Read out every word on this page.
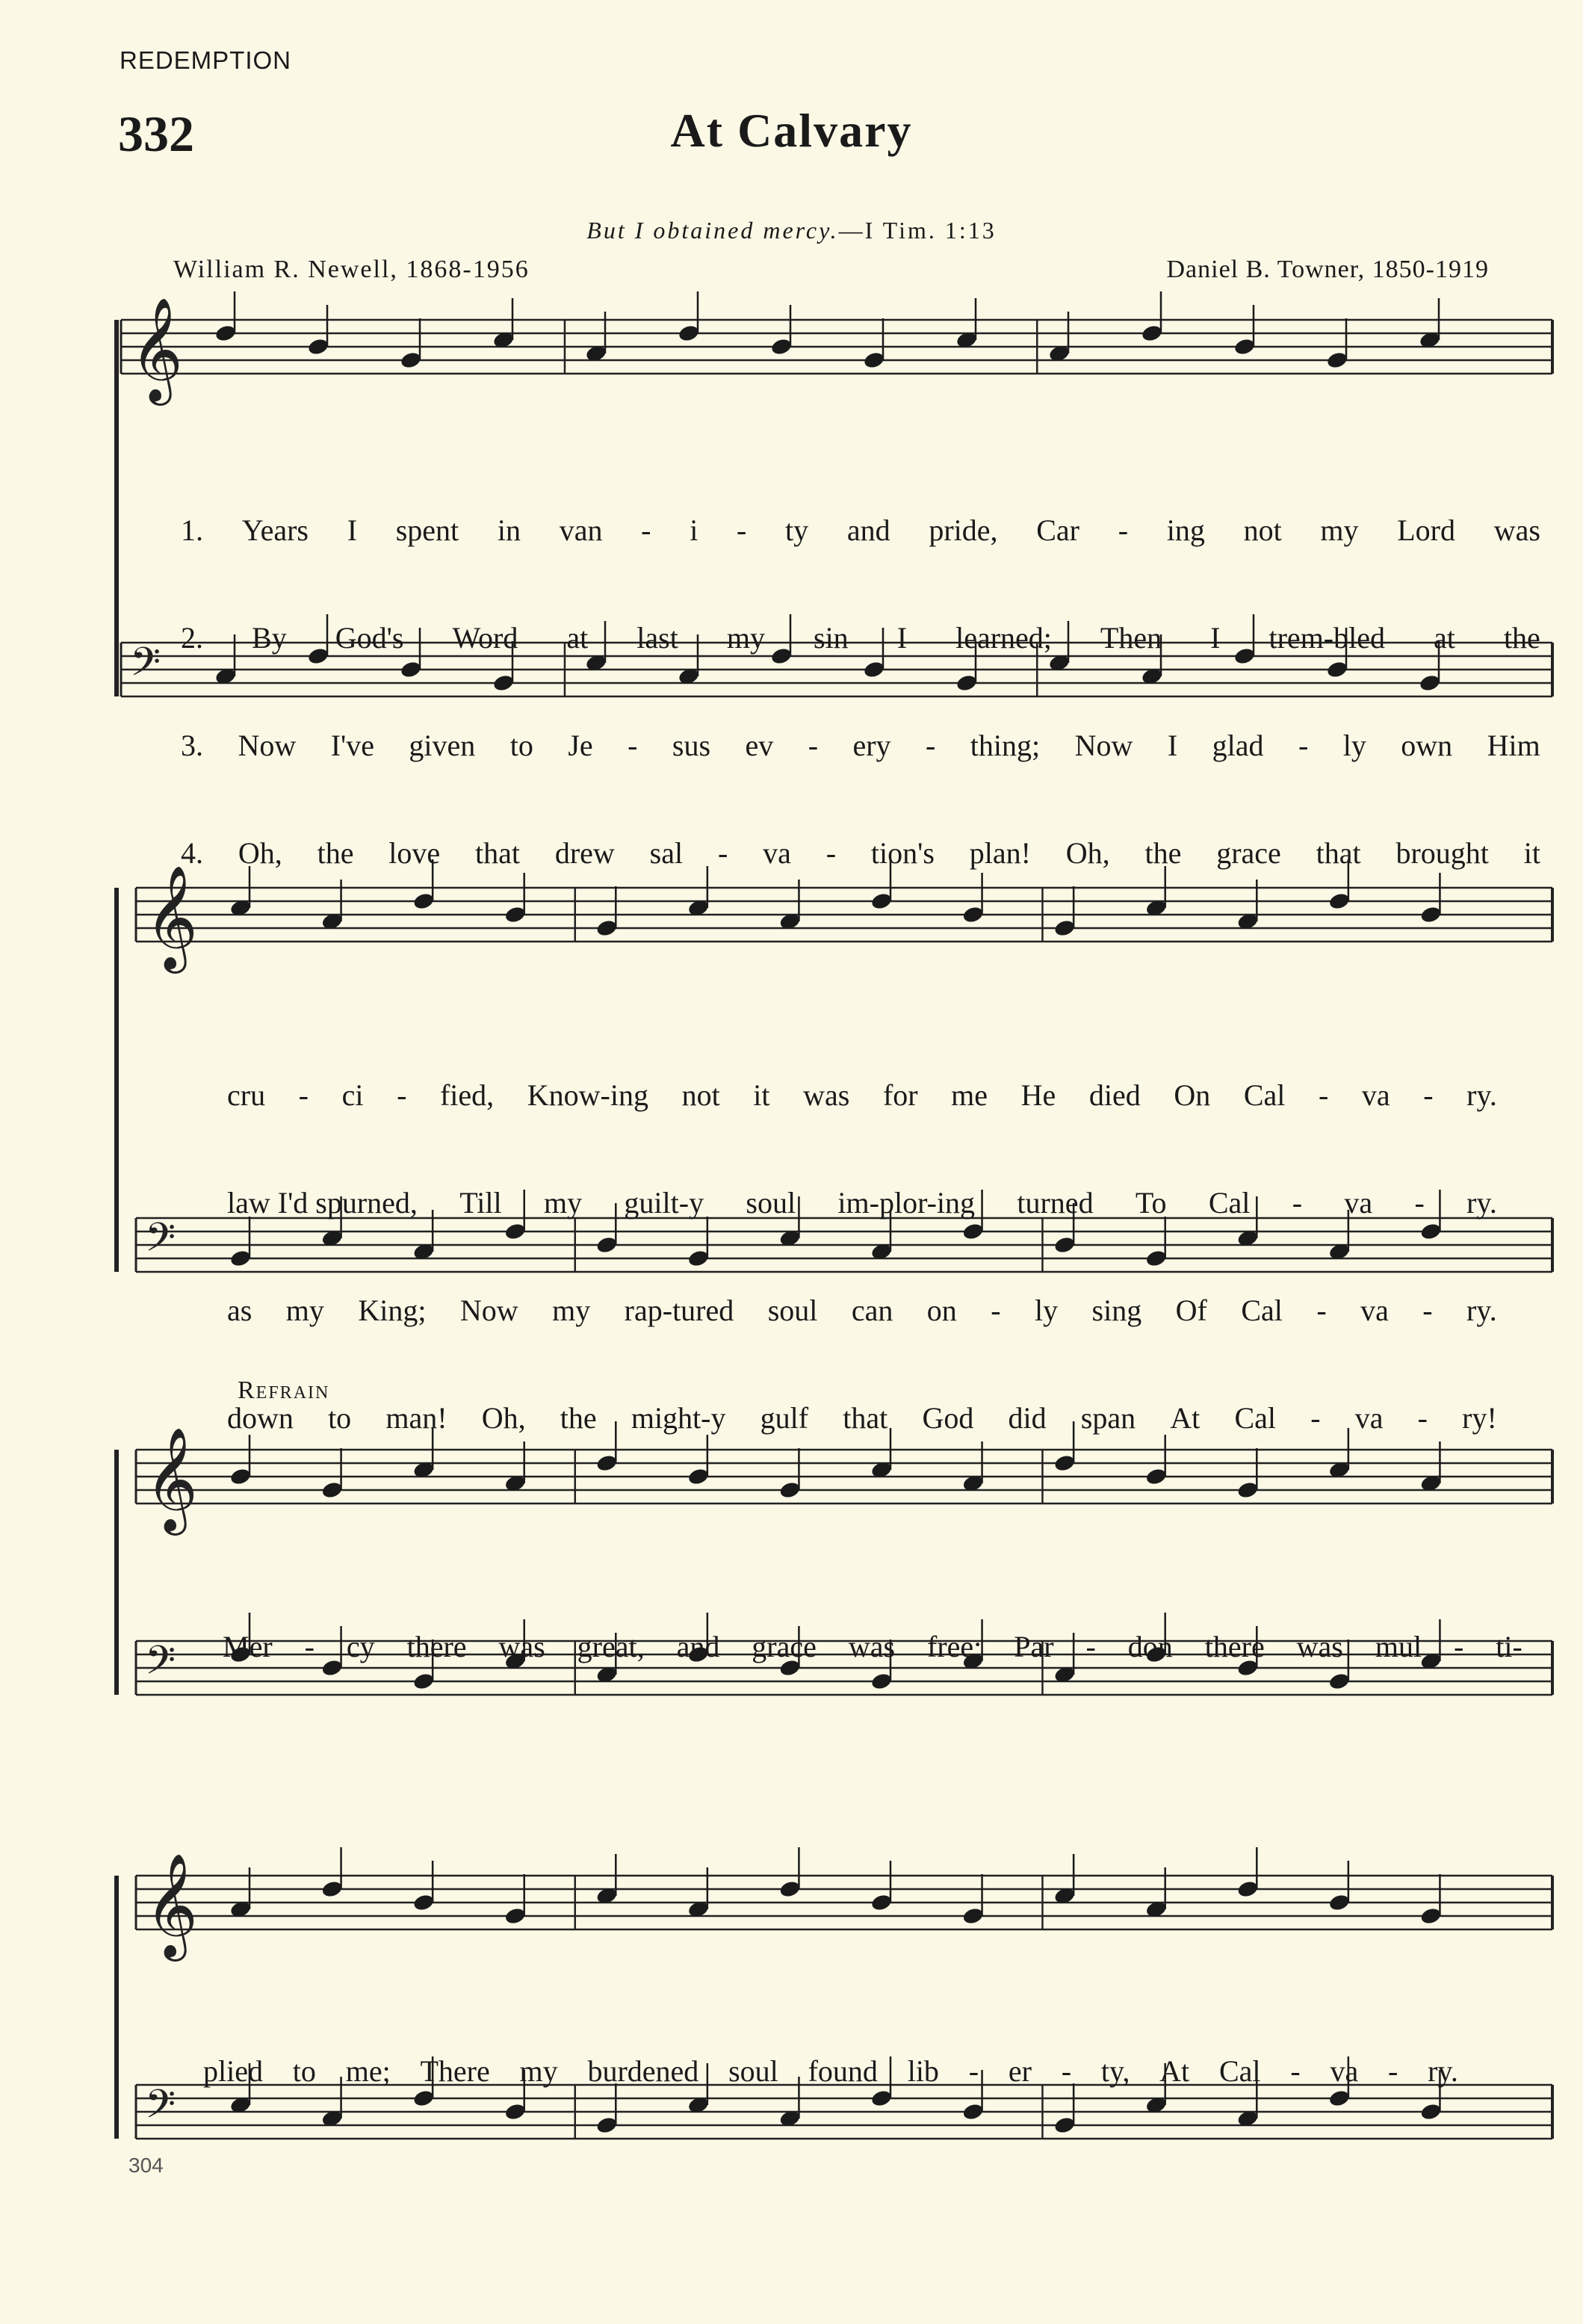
REDEMPTION
332	At Calvary
But I obtained mercy.—I Tim. 1:13
William R. Newell, 1868-1956	Daniel B. Towner, 1850-1919
𝄞
𝄢
𝄞
𝄢
𝄞
𝄢
𝄞
𝄢

1. Years I spent in van - i - ty and pride, Car - ing not my Lord was

2. By God's Word at last my sin I learned; Then I trem-bled at the

3. Now I've given to Je - sus ev - ery - thing; Now I glad - ly own Him

4. Oh, the love that drew sal - va - tion's plan! Oh, the grace that brought it

cru - ci - fied, Know-ing not it was for me He died On Cal - va - ry.

law I'd spurned, Till my guilt-y soul im-plor-ing turned To Cal - va - ry.

as my King; Now my rap-tured soul can on - ly sing Of Cal - va - ry.

down to man! Oh, the might-y gulf that God did span At Cal - va - ry!

Refrain

Mer - cy there was great, and grace was free; Par - don there was mul - ti-

plied to me; There my burdened soul found lib - er - ty, At Cal - va - ry.

304
